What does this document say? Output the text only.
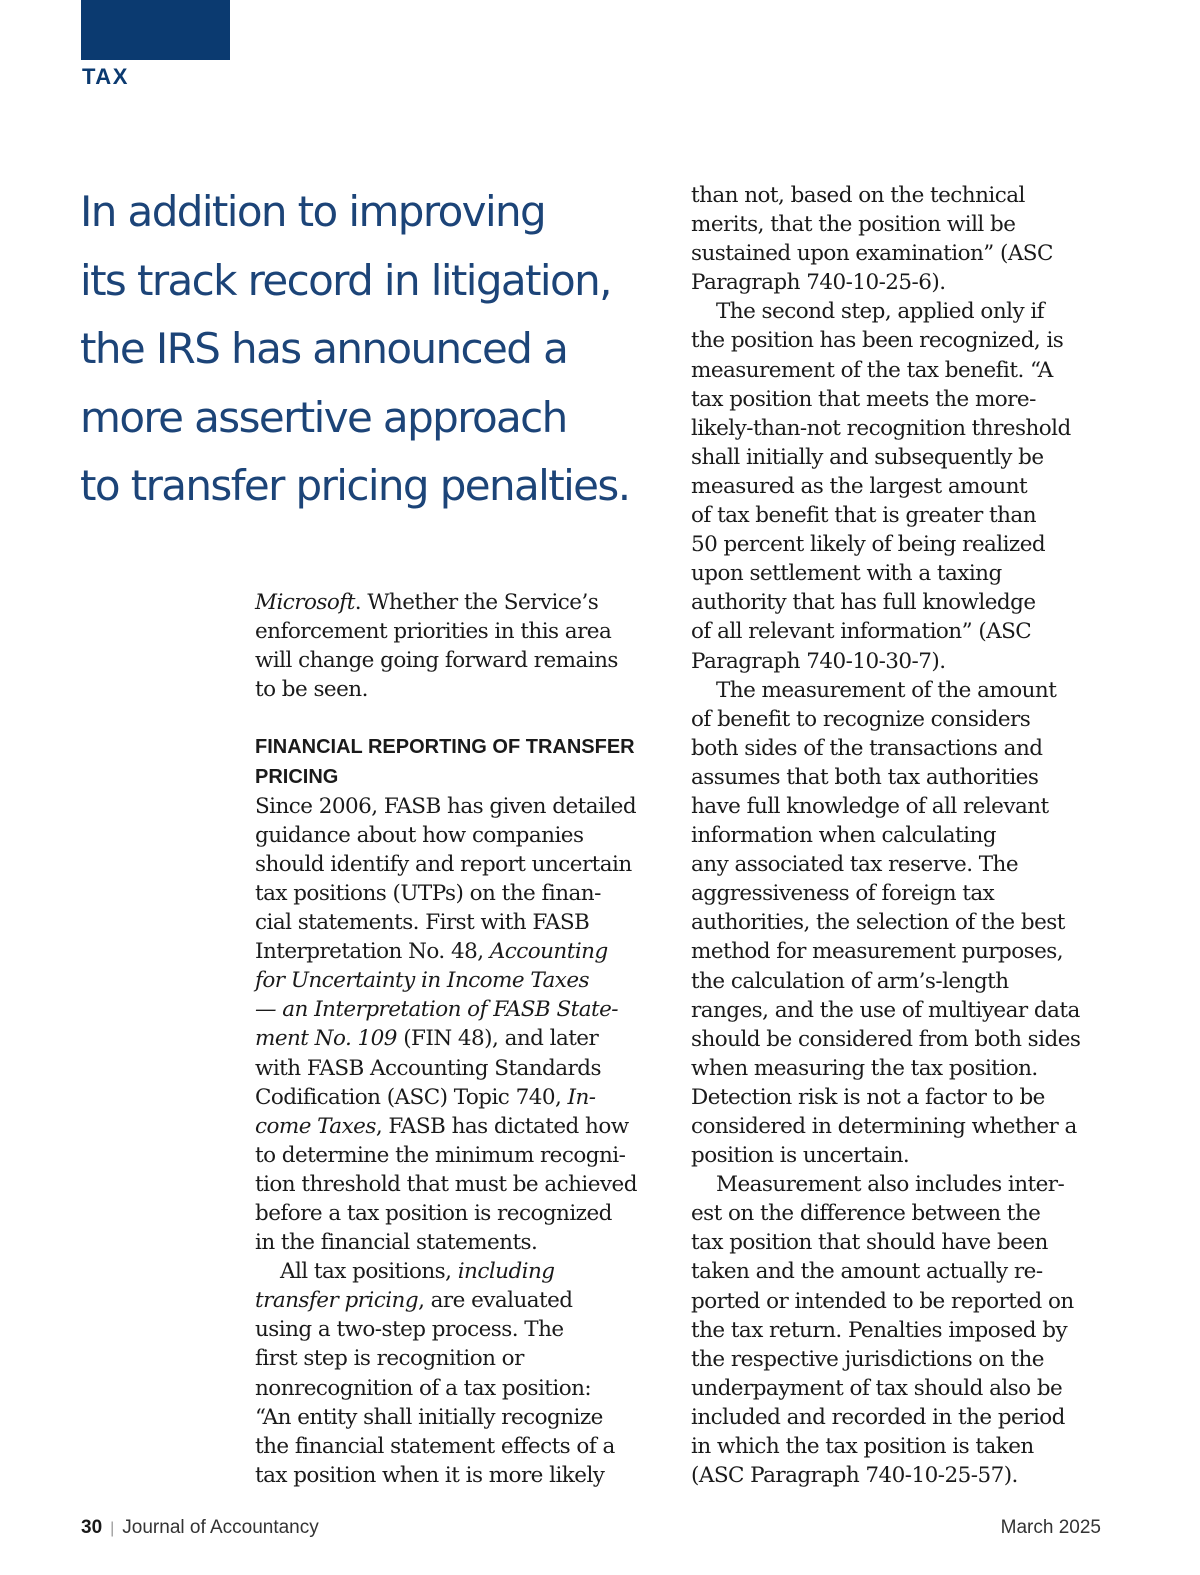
TAX
In addition to improving
its track record in litigation,
the IRS has announced a
more assertive approach
to transfer pricing penalties.
Microsoft. Whether the Service’s
enforcement priorities in this area
will change going forward remains
to be seen.
FINANCIAL REPORTING OF TRANSFER
PRICING
Since 2006, FASB has given detailed
guidance about how companies
should identify and report uncertain
tax positions (UTPs) on the finan-
cial statements. First with FASB
Interpretation No. 48, Accounting
for Uncertainty in Income Taxes
— an Interpretation of FASB State-
ment No. 109 (FIN 48), and later
with FASB Accounting Standards
Codification (ASC) Topic 740, In-
come Taxes, FASB has dictated how
to determine the minimum recogni-
tion threshold that must be achieved
before a tax position is recognized
in the financial statements.
All tax positions, including
transfer pricing, are evaluated
using a two-step process. The
first step is recognition or
nonrecognition of a tax position:
“An entity shall initially recognize
the financial statement effects of a
tax position when it is more likely
than not, based on the technical
merits, that the position will be
sustained upon examination” (ASC
Paragraph 740-10-25-6).
The second step, applied only if
the position has been recognized, is
measurement of the tax benefit. “A
tax position that meets the more-
likely-than-not recognition threshold
shall initially and subsequently be
measured as the largest amount
of tax benefit that is greater than
50 percent likely of being realized
upon settlement with a taxing
authority that has full knowledge
of all relevant information” (ASC
Paragraph 740-10-30-7).
The measurement of the amount
of benefit to recognize considers
both sides of the transactions and
assumes that both tax authorities
have full knowledge of all relevant
information when calculating
any associated tax reserve. The
aggressiveness of foreign tax
authorities, the selection of the best
method for measurement purposes,
the calculation of arm’s-length
ranges, and the use of multiyear data
should be considered from both sides
when measuring the tax position.
Detection risk is not a factor to be
considered in determining whether a
position is uncertain.
Measurement also includes inter-
est on the difference between the
tax position that should have been
taken and the amount actually re-
ported or intended to be reported on
the tax return. Penalties imposed by
the respective jurisdictions on the
underpayment of tax should also be
included and recorded in the period
in which the tax position is taken
(ASC Paragraph 740-10-25-57).
30 | Journal of Accountancy	March 2025
